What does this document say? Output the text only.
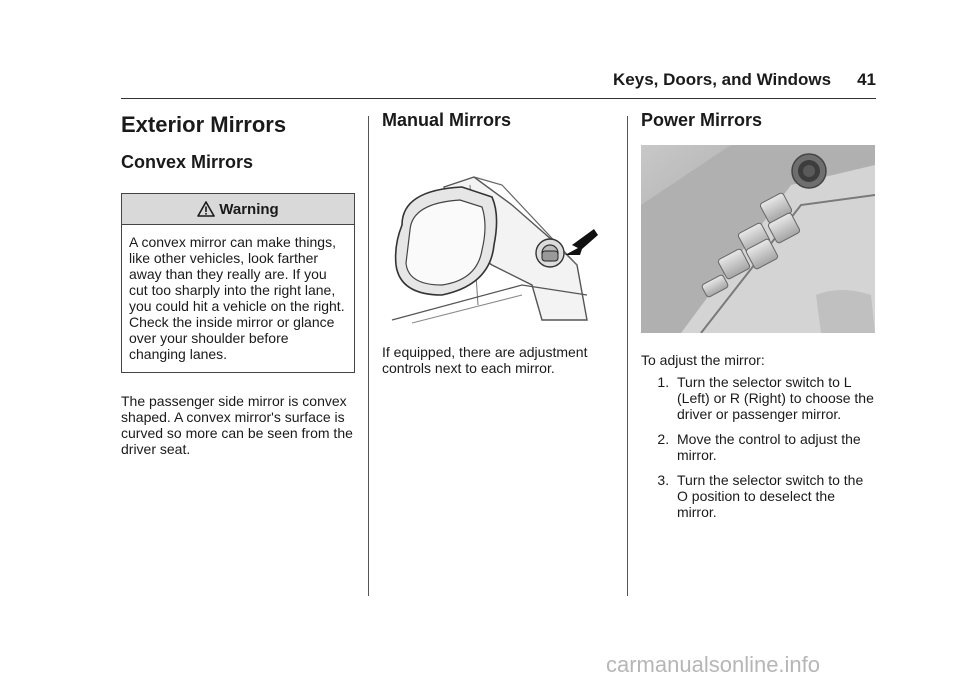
Keys, Doors, and Windows 41
Exterior Mirrors
Convex Mirrors
Warning
A convex mirror can make things, like other vehicles, look farther away than they really are. If you cut too sharply into the right lane, you could hit a vehicle on the right. Check the inside mirror or glance over your shoulder before changing lanes.

The passenger side mirror is convex shaped. A convex mirror's surface is curved so more can be seen from the driver seat.

Manual Mirrors

If equipped, there are adjustment controls next to each mirror.

Power Mirrors

To adjust the mirror:

1. Turn the selector switch to L (Left) or R (Right) to choose the driver or passenger mirror.
2. Move the control to adjust the mirror.
3. Turn the selector switch to the O position to deselect the mirror.
carmanualsonline.info
